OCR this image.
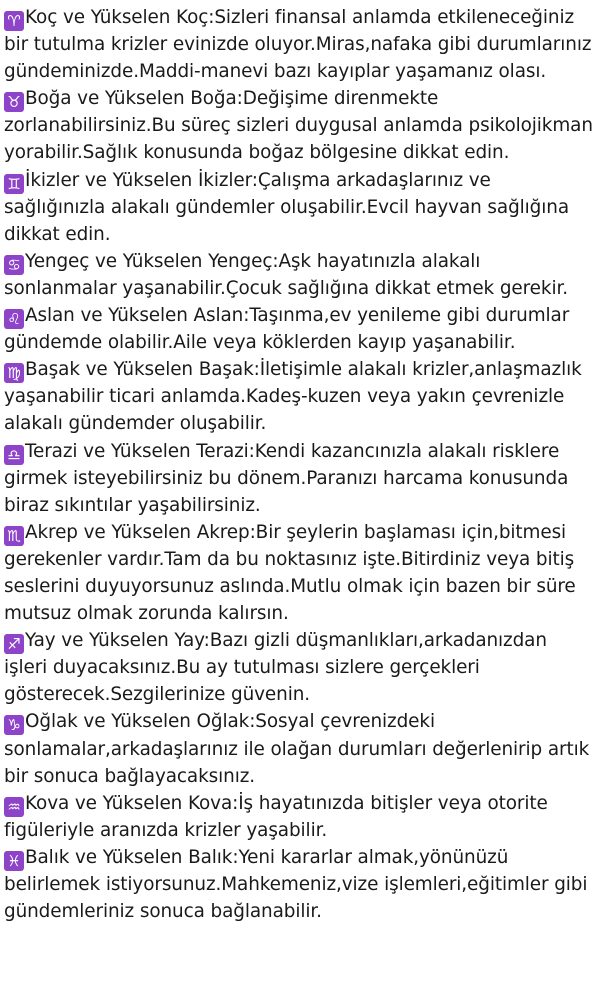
♈ Koç ve Yükselen Koç:Sizleri finansal anlamda etkileneceğiniz bir tutulma krizler evinizde oluyor.Miras,nafaka gibi durumlarınız gündeminizde.Maddi-manevi bazı kayıplar yaşamanız olası.

♉ Boğa ve Yükselen Boğa:Değişime direnmekte zorlanabilirsiniz.Bu süreç sizleri duygusal anlamda psikolojikman yorabilir.Sağlık konusunda boğaz bölgesine dikkat edin.

♊ İkizler ve Yükselen İkizler:Çalışma arkadaşlarınız ve sağlığınızla alakalı gündemler oluşabilir.Evcil hayvan sağlığına dikkat edin.

♋ Yengeç ve Yükselen Yengeç:Aşk hayatınızla alakalı sonlanmalar yaşanabilir.Çocuk sağlığına dikkat etmek gerekir.

♌ Aslan ve Yükselen Aslan:Taşınma,ev yenileme gibi durumlar gündemde olabilir.Aile veya köklerden kayıp yaşanabilir.

♍ Başak ve Yükselen Başak:İletişimle alakalı krizler,anlaşmazlık yaşanabilir ticari anlamda.Kadeş-kuzen veya yakın çevrenizle alakalı gündemder oluşabilir.

♎ Terazi ve Yükselen Terazi:Kendi kazancınızla alakalı risklere girmek isteyebilirsiniz bu dönem.Paranızı harcama konusunda biraz sıkıntılar yaşabilirsiniz.

♏ Akrep ve Yükselen Akrep:Bir şeylerin başlaması için,bitmesi gerekenler vardır.Tam da bu noktasınız işte.Bitirdiniz veya bitiş seslerini duyuyorsunuz aslında.Mutlu olmak için bazen bir süre mutsuz olmak zorunda kalırsın.

♐ Yay ve Yükselen Yay:Bazı gizli düşmanlıkları,arkadanızdan işleri duyacaksınız.Bu ay tutulması sizlere gerçekleri gösterecek.Sezgilerinize güvenin.

♑ Oğlak ve Yükselen Oğlak:Sosyal çevrenizdeki sonlamalar,arkadaşlarınız ile olağan durumları değerlenirip artık bir sonuca bağlayacaksınız.

♒ Kova ve Yükselen Kova:İş hayatınızda bitişler veya otorite figüleriyle aranızda krizler yaşabilir.

♓ Balık ve Yükselen Balık:Yeni kararlar almak,yönünüzü belirlemek istiyorsunuz.Mahkemeniz,vize işlemleri,eğitimler gibi gündemleriniz sonuca bağlanabilir.
